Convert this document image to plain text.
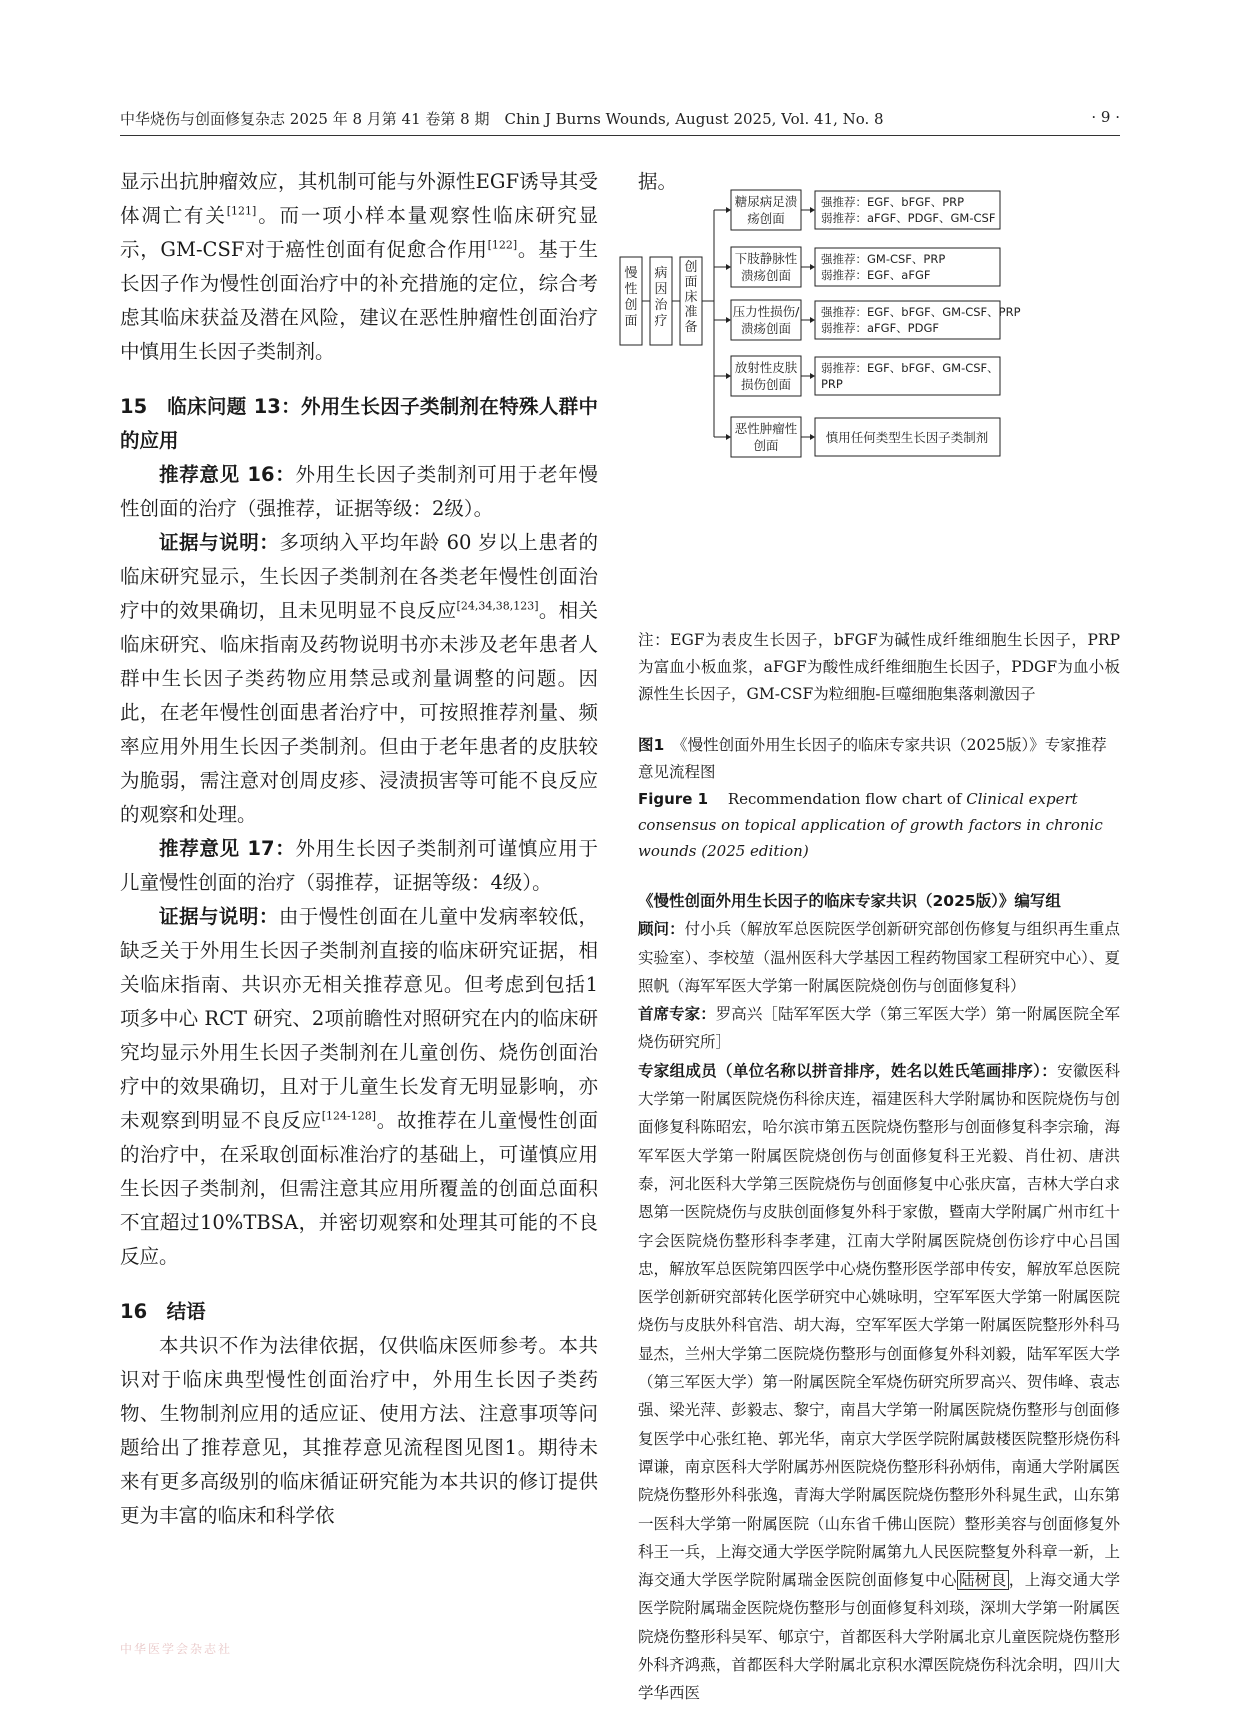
中华烧伤与创面修复杂志 2025 年 8 月第 41 卷第 8 期　Chin J Burns Wounds, August 2025, Vol. 41, No. 8	· 9 ·

显示出抗肿瘤效应，其机制可能与外源性EGF诱导其受体凋亡有关[121]。而一项小样本量观察性临床研究显示，GM-CSF对于癌性创面有促愈合作用[122]。基于生长因子作为慢性创面治疗中的补充措施的定位，综合考虑其临床获益及潜在风险，建议在恶性肿瘤性创面治疗中慎用生长因子类制剂。

15　临床问题 13：外用生长因子类制剂在特殊人群中的应用

推荐意见 16：外用生长因子类制剂可用于老年慢性创面的治疗（强推荐，证据等级：2级）。

证据与说明：多项纳入平均年龄 60 岁以上患者的临床研究显示，生长因子类制剂在各类老年慢性创面治疗中的效果确切，且未见明显不良反应[24,34,38,123]。相关临床研究、临床指南及药物说明书亦未涉及老年患者人群中生长因子类药物应用禁忌或剂量调整的问题。因此，在老年慢性创面患者治疗中，可按照推荐剂量、频率应用外用生长因子类制剂。但由于老年患者的皮肤较为脆弱，需注意对创周皮疹、浸渍损害等可能不良反应的观察和处理。

推荐意见 17：外用生长因子类制剂可谨慎应用于儿童慢性创面的治疗（弱推荐，证据等级：4级）。

证据与说明：由于慢性创面在儿童中发病率较低，缺乏关于外用生长因子类制剂直接的临床研究证据，相关临床指南、共识亦无相关推荐意见。但考虑到包括1项多中心 RCT 研究、2项前瞻性对照研究在内的临床研究均显示外用生长因子类制剂在儿童创伤、烧伤创面治疗中的效果确切，且对于儿童生长发育无明显影响，亦未观察到明显不良反应[124-128]。故推荐在儿童慢性创面的治疗中，在采取创面标准治疗的基础上，可谨慎应用生长因子类制剂，但需注意其应用所覆盖的创面总面积不宜超过10%TBSA，并密切观察和处理其可能的不良反应。

16　结语

本共识不作为法律依据，仅供临床医师参考。本共识对于临床典型慢性创面治疗中，外用生长因子类药物、生物制剂应用的适应证、使用方法、注意事项等问题给出了推荐意见，其推荐意见流程图见图1。期待未来有更多高级别的临床循证研究能为本共识的修订提供更为丰富的临床和科学依

据。
慢
性
创
面
病
因
治
疗
创
面
床
准
备
糖尿病足溃
疡创面
强推荐：EGF、bFGF、PRP
弱推荐：aFGF、PDGF、GM-CSF
下肢静脉性
溃疡创面
强推荐：GM-CSF、PRP
弱推荐：EGF、aFGF
压力性损伤/
溃疡创面
强推荐：EGF、bFGF、GM-CSF、PRP
弱推荐：aFGF、PDGF
放射性皮肤
损伤创面
弱推荐：EGF、bFGF、GM-CSF、
PRP
恶性肿瘤性
创面
慎用任何类型生长因子类制剂
注：EGF为表皮生长因子，bFGF为碱性成纤维细胞生长因子，PRP为富血小板血浆，aFGF为酸性成纤维细胞生长因子，PDGF为血小板源性生长因子，GM-CSF为粒细胞-巨噬细胞集落刺激因子
图1　 《慢性创面外用生长因子的临床专家共识（2025版）》专家推荐意见流程图
Figure 1　 Recommendation flow chart of Clinical expert consensus on topical application of growth factors in chronic wounds (2025 edition)
《慢性创面外用生长因子的临床专家共识（2025版）》编写组
顾问：付小兵（解放军总医院医学创新研究部创伤修复与组织再生重点实验室）、李校堃（温州医科大学基因工程药物国家工程研究中心）、夏照帆（海军军医大学第一附属医院烧创伤与创面修复科）
首席专家：罗高兴［陆军军医大学（第三军医大学）第一附属医院全军烧伤研究所］
专家组成员（单位名称以拼音排序，姓名以姓氏笔画排序）：安徽医科大学第一附属医院烧伤科徐庆连，福建医科大学附属协和医院烧伤与创面修复科陈昭宏，哈尔滨市第五医院烧伤整形与创面修复科李宗瑜，海军军医大学第一附属医院烧创伤与创面修复科王光毅、肖仕初、唐洪泰，河北医科大学第三医院烧伤与创面修复中心张庆富，吉林大学白求恩第一医院烧伤与皮肤创面修复外科于家傲，暨南大学附属广州市红十字会医院烧伤整形科李孝建，江南大学附属医院烧创伤诊疗中心吕国忠，解放军总医院第四医学中心烧伤整形医学部申传安，解放军总医院医学创新研究部转化医学研究中心姚咏明，空军军医大学第一附属医院烧伤与皮肤外科官浩、胡大海，空军军医大学第一附属医院整形外科马显杰，兰州大学第二医院烧伤整形与创面修复外科刘毅，陆军军医大学（第三军医大学）第一附属医院全军烧伤研究所罗高兴、贺伟峰、袁志强、梁光萍、彭毅志、黎宁，南昌大学第一附属医院烧伤整形与创面修复医学中心张红艳、郭光华，南京大学医学院附属鼓楼医院整形烧伤科谭谦，南京医科大学附属苏州医院烧伤整形科孙炳伟，南通大学附属医院烧伤整形外科张逸，青海大学附属医院烧伤整形外科晁生武，山东第一医科大学第一附属医院（山东省千佛山医院）整形美容与创面修复外科王一兵，上海交通大学医学院附属第九人民医院整复外科章一新，上海交通大学医学院附属瑞金医院创面修复中心 陆树良 ，上海交通大学医学院附属瑞金医院烧伤整形与创面修复科刘琰，深圳大学第一附属医院烧伤整形科吴军、郇京宁，首都医科大学附属北京儿童医院烧伤整形外科齐鸿燕，首都医科大学附属北京积水潭医院烧伤科沈余明，四川大学华西医
中华医学会杂志社
